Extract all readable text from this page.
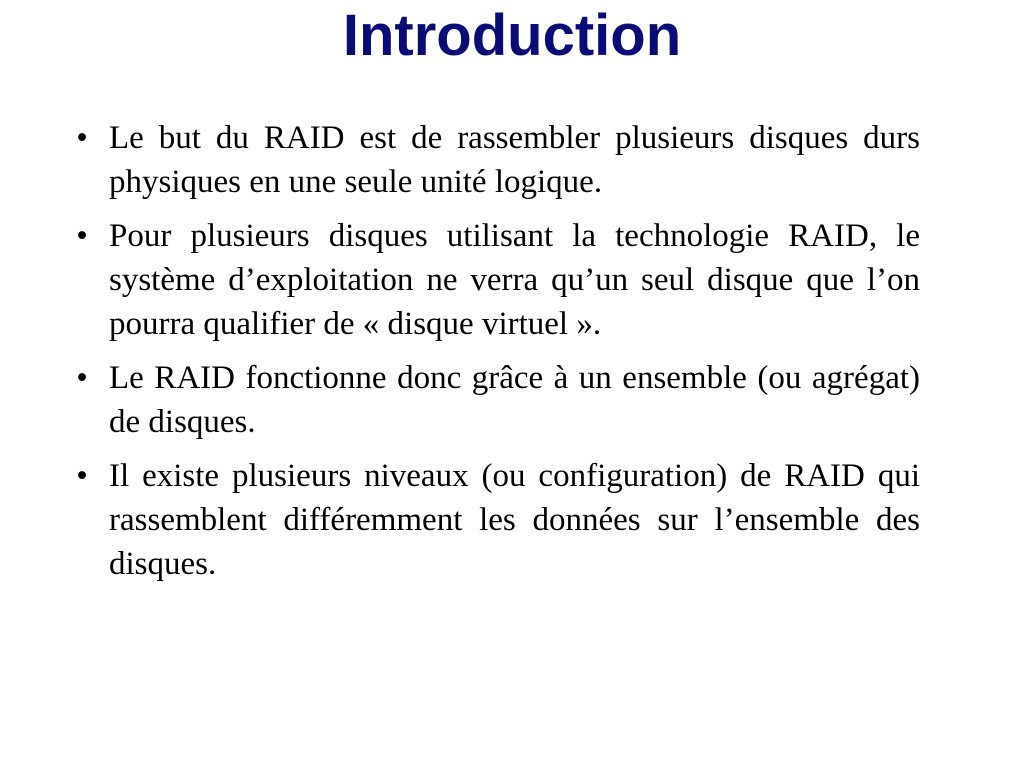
Introduction
• Le but du RAID est de rassembler plusieurs disques durs physiques en une seule unité logique.
• Pour plusieurs disques utilisant la technologie RAID, le système d’exploitation ne verra qu’un seul disque que l’on pourra qualifier de « disque virtuel ».
• Le RAID fonctionne donc grâce à un ensemble (ou agrégat) de disques.
• Il existe plusieurs niveaux (ou configuration) de RAID qui rassemblent différemment les données sur l’ensemble des disques.
